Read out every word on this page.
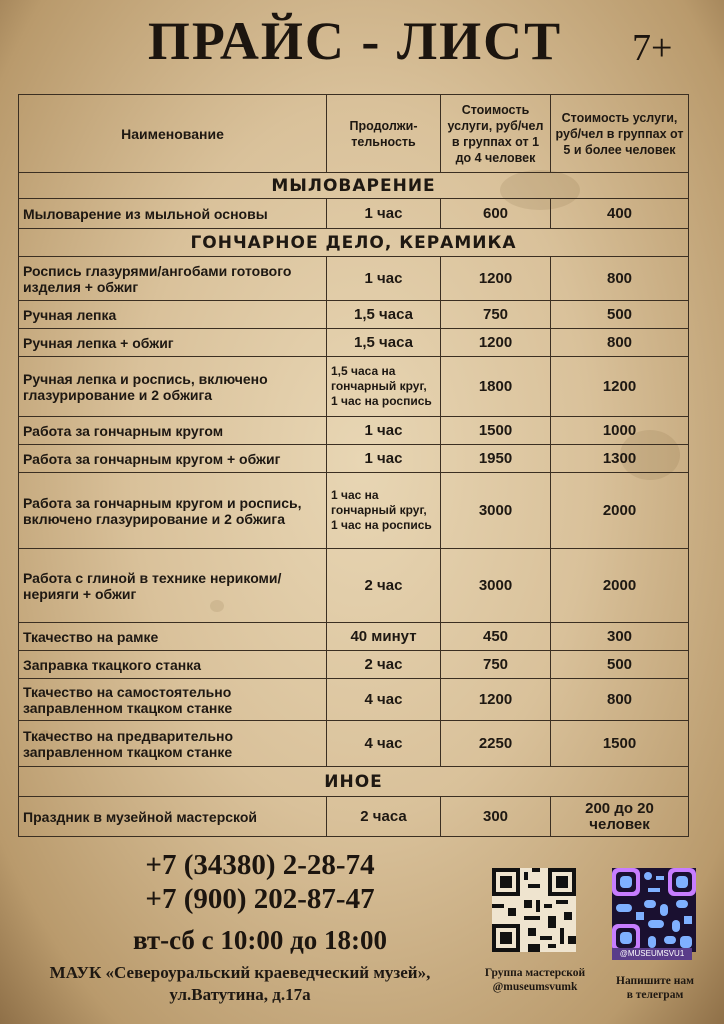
ПРАЙС - ЛИСТ	7+
Наименование	Продолжи-тельность	Стоимость услуги, руб/чел в группах от 1 до 4 человек	Стоимость услуги, руб/чел в группах от 5 и более человек
МЫЛОВАРЕНИЕ			
Мыловарение из мыльной основы	1 час	600	400
ГОНЧАРНОЕ ДЕЛО, КЕРАМИКА			
Роспись глазурями/ангобами готового изделия + обжиг	1 час	1200	800
Ручная лепка	1,5 часа	750	500
Ручная лепка + обжиг	1,5 часа	1200	800
Ручная лепка и роспись, включено глазурирование и 2 обжига	1,5 часа на гончарный круг, 1 час на роспись	1800	1200
Работа за гончарным кругом	1 час	1500	1000
Работа за гончарным кругом + обжиг	1 час	1950	1300
Работа за гончарным кругом и роспись, включено глазурирование и 2 обжига	1 час на гончарный круг, 1 час на роспись	3000	2000
Работа с глиной в технике нерикоми/ нерияги + обжиг	2 час	3000	2000
Ткачество на рамке	40 минут	450	300
Заправка ткацкого станка	2 час	750	500
Ткачество на самостоятельно заправленном ткацком станке	4 час	1200	800
Ткачество на предварительно заправленном ткацком станке	4 час	2250	1500
ИНОЕ			
Праздник в музейной мастерской	2 часа	300	200 до 20 человек
+7 (34380) 2-28-74
+7 (900) 202-87-47
вт-сб с 10:00 до 18:00
МАУК «Североуральский краеведческий музей»,
ул.Ватутина, д.17а
Группа мастерской
@museumsvumk
@MUSEUMSVU1
Напишите нам
в телеграм
